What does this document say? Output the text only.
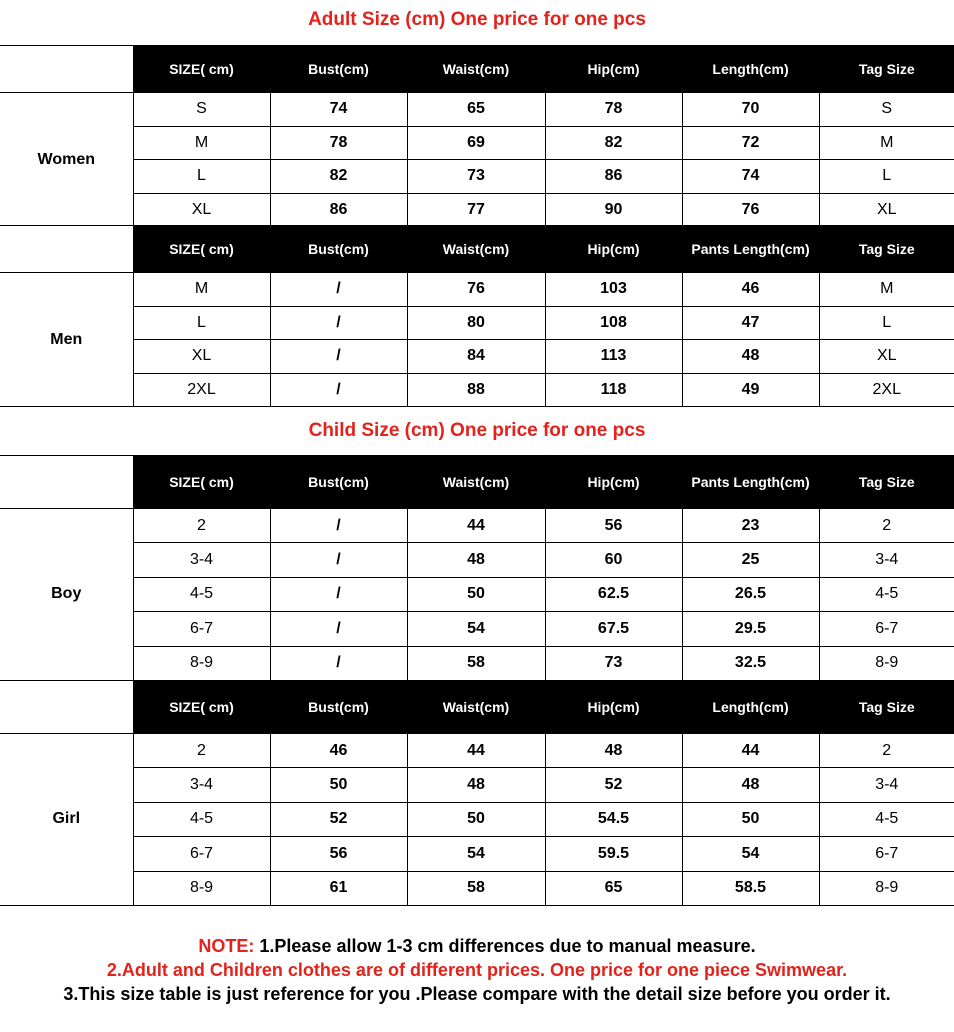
Adult Size (cm) One price for one pcs
	SIZE( cm)	Bust(cm)	Waist(cm)	Hip(cm)	Length(cm)	Tag Size
Women	S	74	65	78	70	S
	M	78	69	82	72	M
	L	82	73	86	74	L
	XL	86	77	90	76	XL
	SIZE( cm)	Bust(cm)	Waist(cm)	Hip(cm)	Pants Length(cm)	Tag Size
Men	M	/	76	103	46	M
	L	/	80	108	47	L
	XL	/	84	113	48	XL
	2XL	/	88	118	49	2XL
Child Size (cm) One price for one pcs
	SIZE( cm)	Bust(cm)	Waist(cm)	Hip(cm)	Pants Length(cm)	Tag Size
Boy	2	/	44	56	23	2
	3-4	/	48	60	25	3-4
	4-5	/	50	62.5	26.5	4-5
	6-7	/	54	67.5	29.5	6-7
	8-9	/	58	73	32.5	8-9
	SIZE( cm)	Bust(cm)	Waist(cm)	Hip(cm)	Length(cm)	Tag Size
Girl	2	46	44	48	44	2
	3-4	50	48	52	48	3-4
	4-5	52	50	54.5	50	4-5
	6-7	56	54	59.5	54	6-7
	8-9	61	58	65	58.5	8-9
NOTE: 1.Please allow 1-3 cm differences due to manual measure.
2.Adult and Children clothes are of different prices. One price for one piece Swimwear.
3.This size table is just reference for you .Please compare with the detail size before you order it.
